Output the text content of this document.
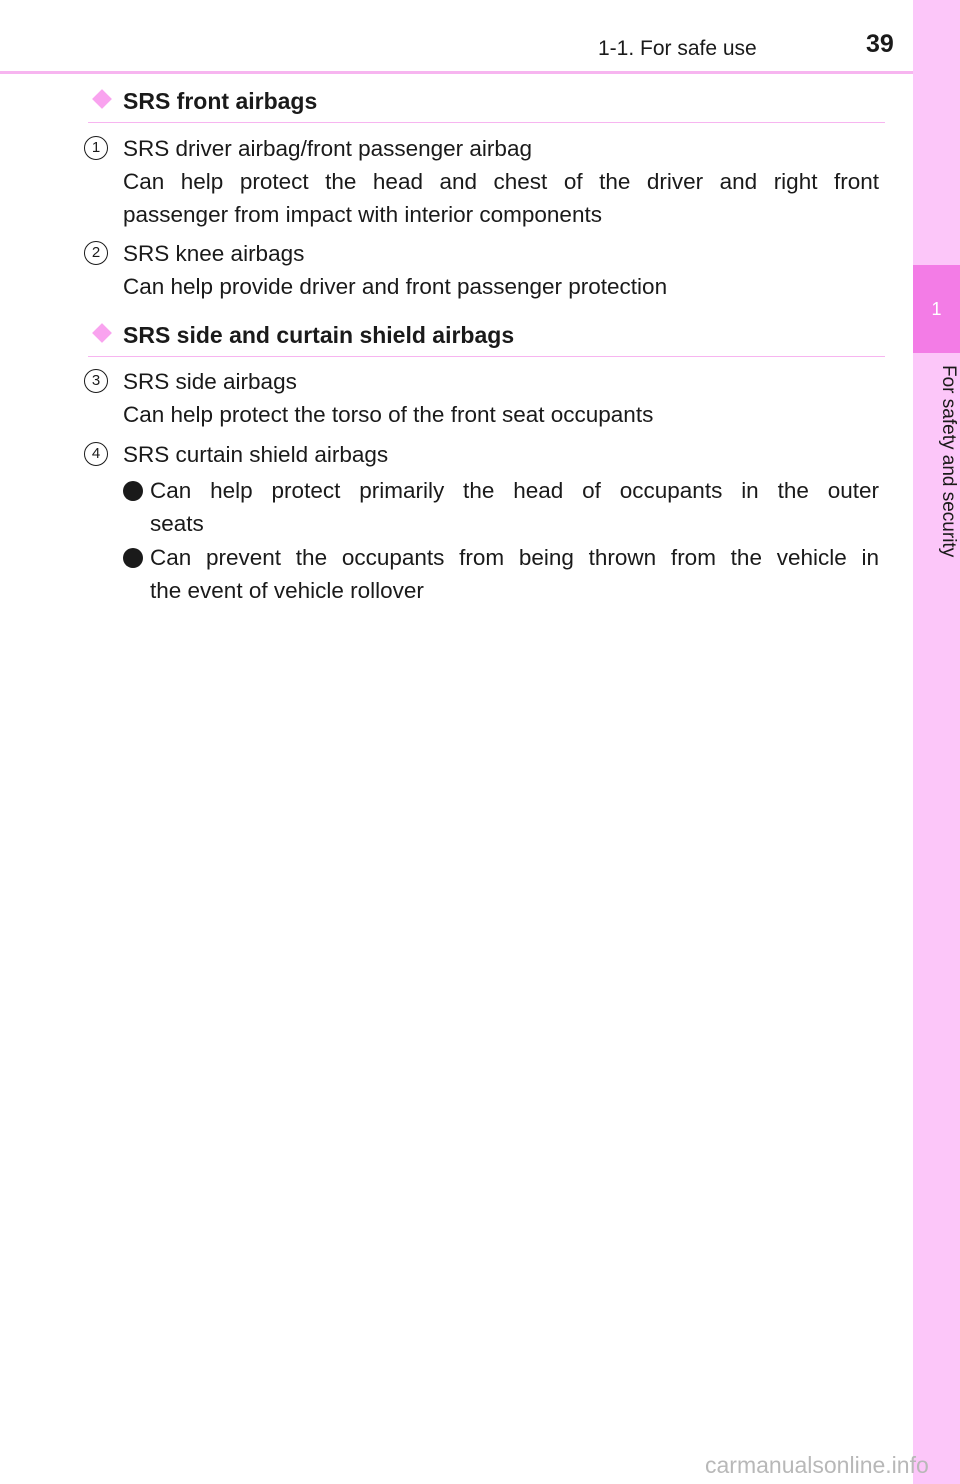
1-1. For safe use	39
1
For safety and security
SRS front airbags
1	SRS driver airbag/front passenger airbag
Can help protect the head and chest of the driver and right front
passenger from impact with interior components
2	SRS knee airbags
Can help provide driver and front passenger protection
SRS side and curtain shield airbags
3	SRS side airbags
Can help protect the torso of the front seat occupants
4	SRS curtain shield airbags
Can help protect primarily the head of occupants in the outer
seats
Can prevent the occupants from being thrown from the vehicle in
the event of vehicle rollover
carmanualsonline.info
